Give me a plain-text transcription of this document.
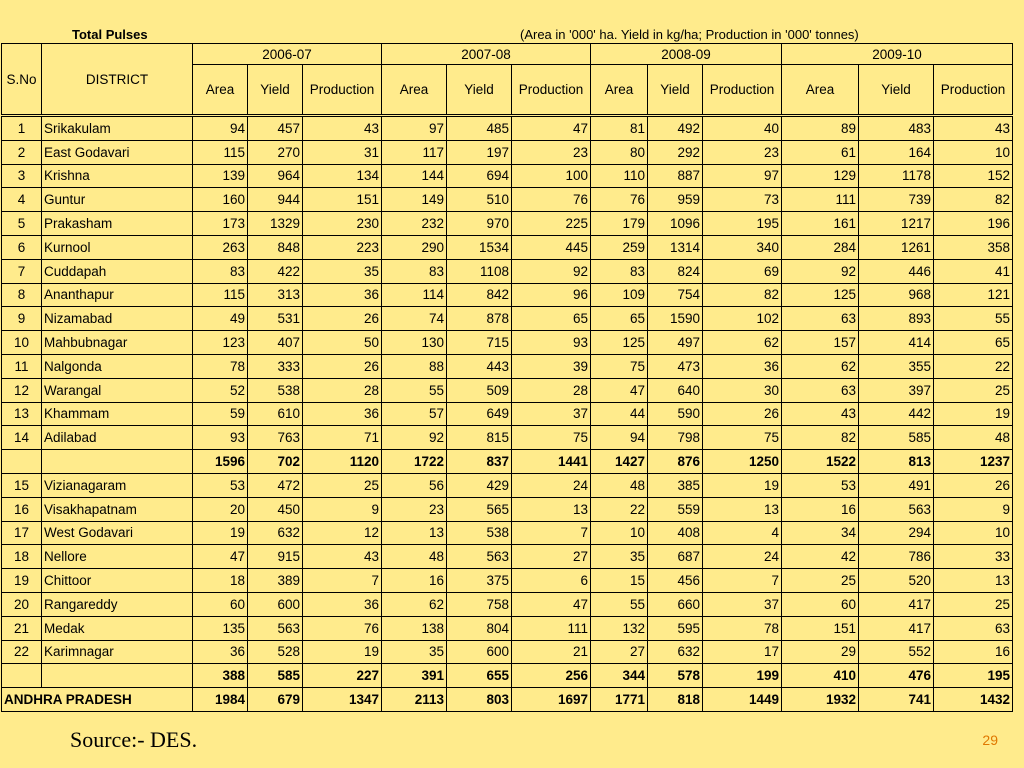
Total Pulses	(Area in '000' ha. Yield in kg/ha; Production in '000' tonnes)
S.No	DISTRICT	2006-07			2007-08			2008-09			2009-10		
		Area	Yield	Production	Area	Yield	Production	Area	Yield	Production	Area	Yield	Production
1	Srikakulam	94	457	43	97	485	47	81	492	40	89	483	43
2	East Godavari	115	270	31	117	197	23	80	292	23	61	164	10
3	Krishna	139	964	134	144	694	100	110	887	97	129	1178	152
4	Guntur	160	944	151	149	510	76	76	959	73	111	739	82
5	Prakasham	173	1329	230	232	970	225	179	1096	195	161	1217	196
6	Kurnool	263	848	223	290	1534	445	259	1314	340	284	1261	358
7	Cuddapah	83	422	35	83	1108	92	83	824	69	92	446	41
8	Ananthapur	115	313	36	114	842	96	109	754	82	125	968	121
9	Nizamabad	49	531	26	74	878	65	65	1590	102	63	893	55
10	Mahbubnagar	123	407	50	130	715	93	125	497	62	157	414	65
11	Nalgonda	78	333	26	88	443	39	75	473	36	62	355	22
12	Warangal	52	538	28	55	509	28	47	640	30	63	397	25
13	Khammam	59	610	36	57	649	37	44	590	26	43	442	19
14	Adilabad	93	763	71	92	815	75	94	798	75	82	585	48
		1596	702	1120	1722	837	1441	1427	876	1250	1522	813	1237
15	Vizianagaram	53	472	25	56	429	24	48	385	19	53	491	26
16	Visakhapatnam	20	450	9	23	565	13	22	559	13	16	563	9
17	West Godavari	19	632	12	13	538	7	10	408	4	34	294	10
18	Nellore	47	915	43	48	563	27	35	687	24	42	786	33
19	Chittoor	18	389	7	16	375	6	15	456	7	25	520	13
20	Rangareddy	60	600	36	62	758	47	55	660	37	60	417	25
21	Medak	135	563	76	138	804	111	132	595	78	151	417	63
22	Karimnagar	36	528	19	35	600	21	27	632	17	29	552	16
		388	585	227	391	655	256	344	578	199	410	476	195
ANDHRA PRADESH		1984	679	1347	2113	803	1697	1771	818	1449	1932	741	1432
Source:- DES.	29
